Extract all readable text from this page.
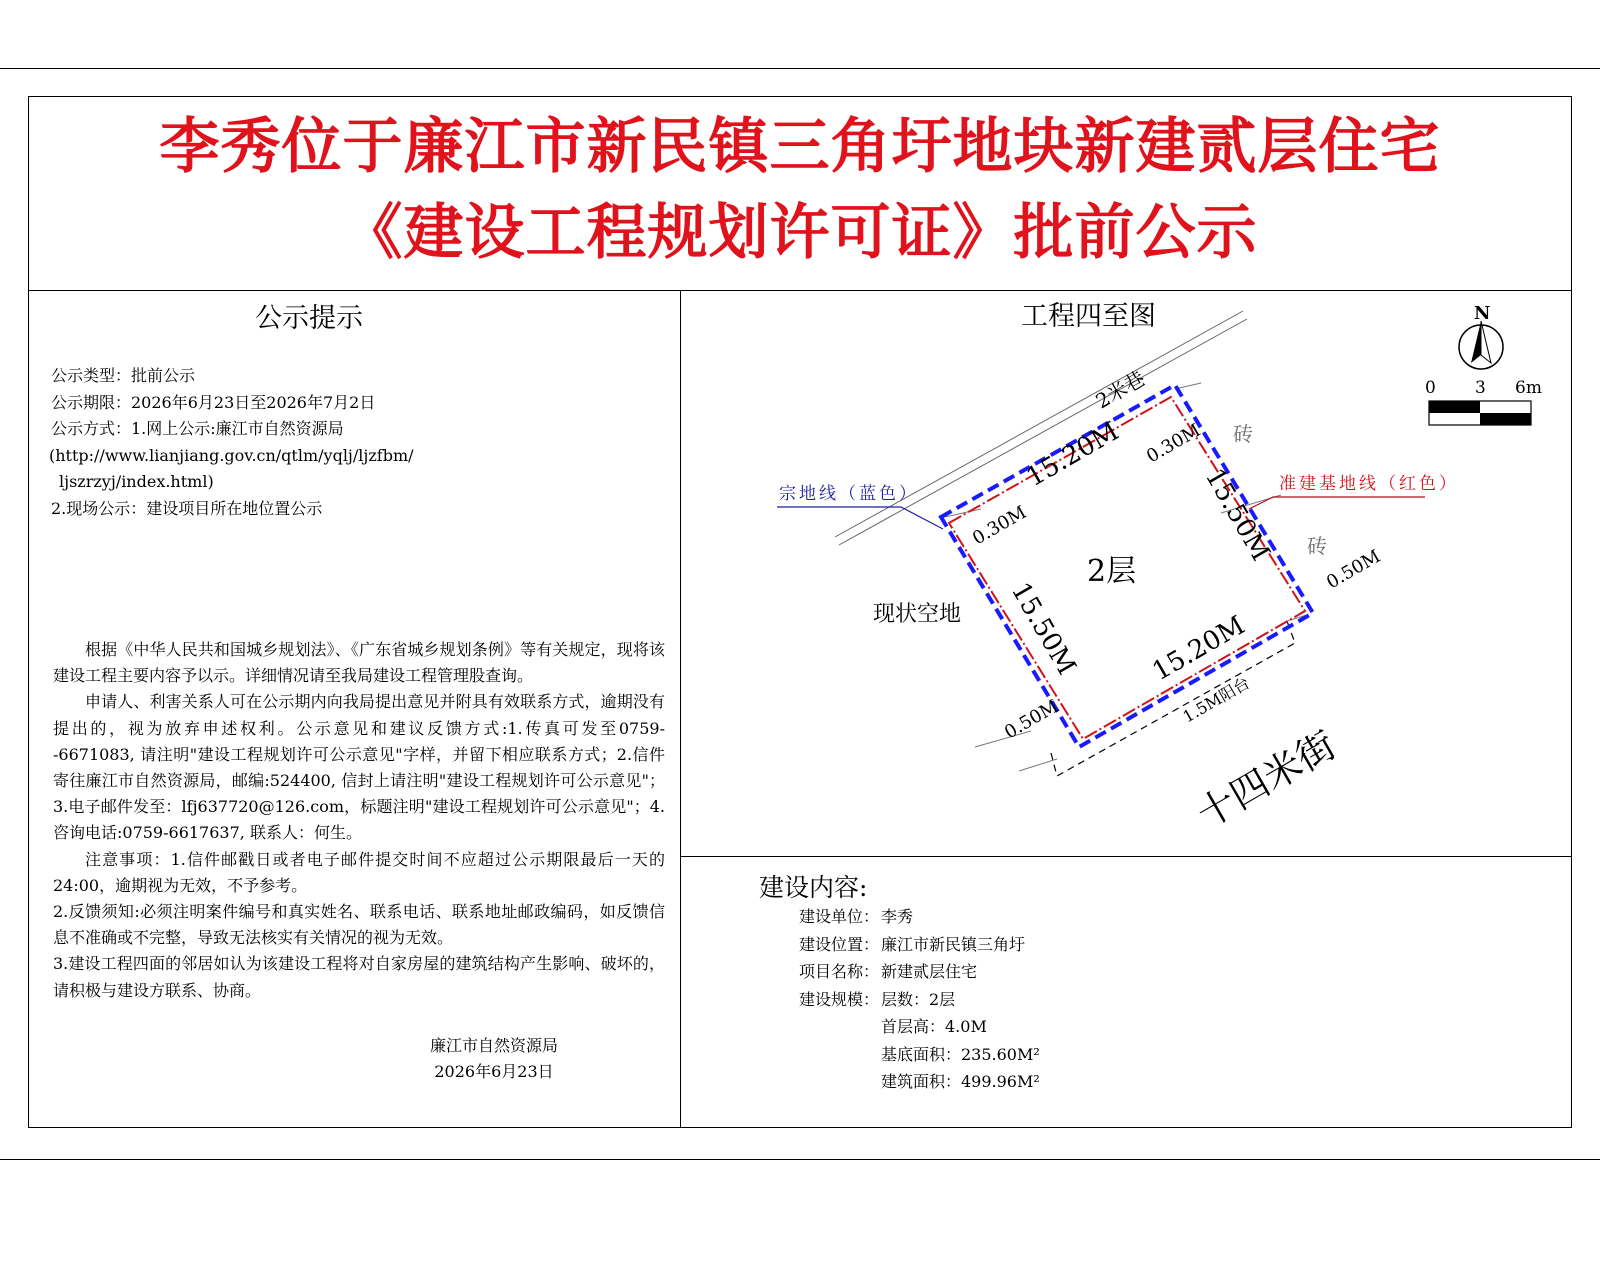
李秀位于廉江市新民镇三角圩地块新建贰层住宅
《建设工程规划许可证》批前公示
公示提示
公示类型：批前公示
公示期限：2026年6月23日至2026年7月2日
公示方式：1.网上公示:廉江市自然资源局
(http://www.lianjiang.gov.cn/qtlm/yqlj/ljzfbm/
ljszrzyj/index.html)
2.现场公示：建设项目所在地位置公示

根据《中华人民共和国城乡规划法》、《广东省城乡规划条例》等有关规定，现将该建设工程主要内容予以示。详细情况请至我局建设工程管理股查询。

申请人、利害关系人可在公示期内向我局提出意见并附具有效联系方式，逾期没有提出的，视为放弃申述权利。公示意见和建议反馈方式:1.传真可发至0759--6671083, 请注明"建设工程规划许可公示意见"字样，并留下相应联系方式；2.信件寄往廉江市自然资源局，邮编:524400, 信封上请注明"建设工程规划许可公示意见"； 3.电子邮件发至：lfj637720@126.com，标题注明"建设工程规划许可公示意见"；4.咨询电话:0759-6617637, 联系人：何生。

注意事项：1.信件邮戳日或者电子邮件提交时间不应超过公示期限最后一天的24:00，逾期视为无效，不予参考。

2.反馈须知:必须注明案件编号和真实姓名、联系电话、联系地址邮政编码，如反馈信息不准确或不完整，导致无法核实有关情况的视为无效。

3.建设工程四面的邻居如认为该建设工程将对自家房屋的建筑结构产生影响、破坏的，请积极与建设方联系、协商。

廉江市自然资源局
2026年6月23日
工程四至图
宗地线（蓝色）	准建基地线（红色）
2米巷
砖
砖
现状空地
2层
15.20M
15.20M
15.50M
15.50M
0.30M
0.30M
0.50M
0.50M	1.5M阳台
十四米街
N
0 3 6m
建设内容:
建设单位： 李秀
建设位置： 廉江市新民镇三角圩
项目名称： 新建贰层住宅
建设规模： 层数：2层
首层高：4.0M
基底面积：235.60M²
建筑面积：499.96M²
